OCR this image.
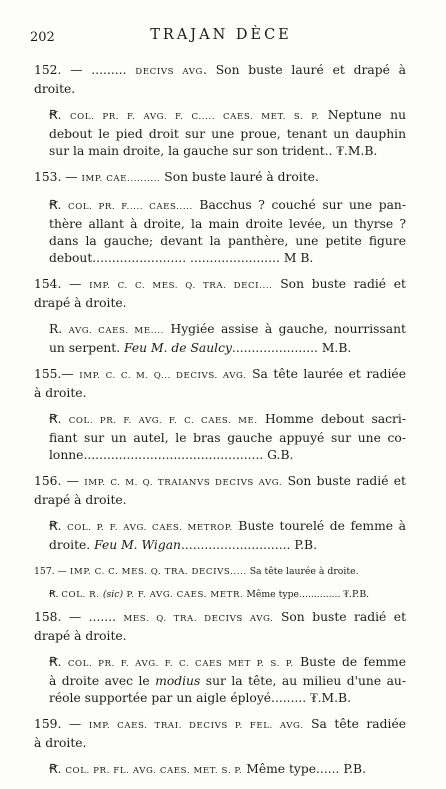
202	TRAJAN DÈCE
152. — ......... DECIVS AVG. Son buste lauré et drapé à
droite.
Ꞧ. COL. PR. F. AVG. F. C..... CAES. MET. S. P. Neptune nu
debout le pied droit sur une proue, tenant un dauphin
sur la main droite, la gauche sur son trident.. ₮.M.B.
153. — IMP. CAE.......... Son buste lauré à droite.
Ꞧ. COL. PR. F..... CAES..... Bacchus ? couché sur une pan-
thère allant à droite, la main droite levée, un thyrse ?
dans la gauche; devant la panthère, une petite figure
debout........................ ....................... M B.
154. — IMP. C. C. MES. Q. TRA. DECI.... Son buste radié et
drapé à droite.
R. AVG. CAES. ME.... Hygiée assise à gauche, nourrissant
un serpent. Feu M. de Saulcy...................... M.B.
155.— IMP. C. C. M. Q... DECIVS. AVG. Sa tête laurée et radiée
à droite.
Ꞧ. COL. PR. F. AVG. F. C. CAES. ME. Homme debout sacri-
fiant sur un autel, le bras gauche appuyé sur une co-
lonne.............................................. G.B.
156. — IMP. C. M. Q. TRAIANVS DECIVS AVG. Son buste radié et
drapé à droite.
Ꞧ. COL. P. F. AVG. CAES. METROP. Buste tourelé de femme à
droite. Feu M. Wigan............................ P.B.
157. — IMP. C. C. MES. Q. TRA. DECIVS..... Sa tête laurée à droite.
Ꞧ. COL. R. (sic) P. F. AVG. CAES. METR. Même type.............. ₮.P.B.
158. — ....... MES. Q. TRA. DECIVS AVG. Son buste radié et
drapé à droite.
Ꞧ. COL. PR. F. AVG. F. C. CAES MET P. S. P. Buste de femme
à droite avec le modius sur la tête, au milieu d'une au-
réole supportée par un aigle éployé......... ₮.M.B.
159. — IMP. CAES. TRAI. DECIVS P. FEL. AVG. Sa tête radiée
à droite.
Ꞧ. COL. PR. FL. AVG. CAES. MET. S. P. Même type...... P.B.
